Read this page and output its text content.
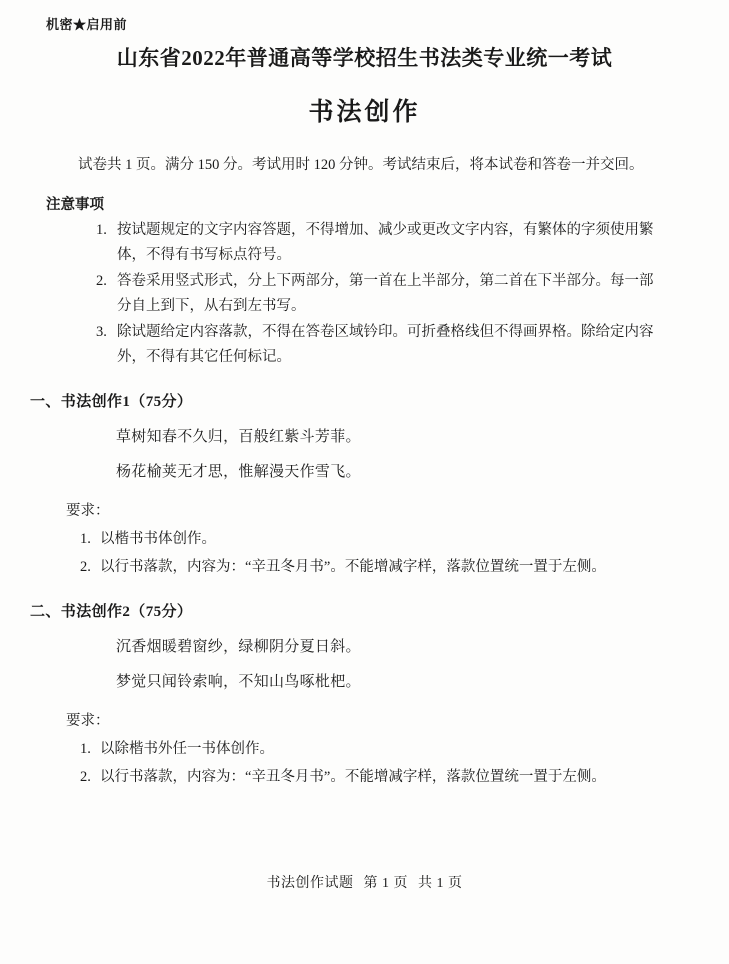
机密★启用前
山东省2022年普通高等学校招生书法类专业统一考试
书法创作
试卷共 1 页。满分 150 分。考试用时 120 分钟。考试结束后，将本试卷和答卷一并交回。
注意事项
1. 按试题规定的文字内容答题，不得增加、减少或更改文字内容，有繁体的字须使用繁体，不得有书写标点符号。
2. 答卷采用竖式形式，分上下两部分，第一首在上半部分，第二首在下半部分。每一部分自上到下，从右到左书写。
3. 除试题给定内容落款，不得在答卷区域钤印。可折叠格线但不得画界格。除给定内容外，不得有其它任何标记。
一、书法创作1（75分）
草树知春不久归，百般红紫斗芳菲。
杨花榆荚无才思，惟解漫天作雪飞。
要求：
1. 以楷书书体创作。
2. 以行书落款，内容为：“辛丑冬月书”。不能增减字样，落款位置统一置于左侧。
二、书法创作2（75分）
沉香烟暖碧窗纱，绿柳阴分夏日斜。
梦觉只闻铃索响，不知山鸟啄枇杷。
要求：
1. 以除楷书外任一书体创作。
2. 以行书落款，内容为：“辛丑冬月书”。不能增减字样，落款位置统一置于左侧。
书法创作试题 第 1 页 共 1 页
